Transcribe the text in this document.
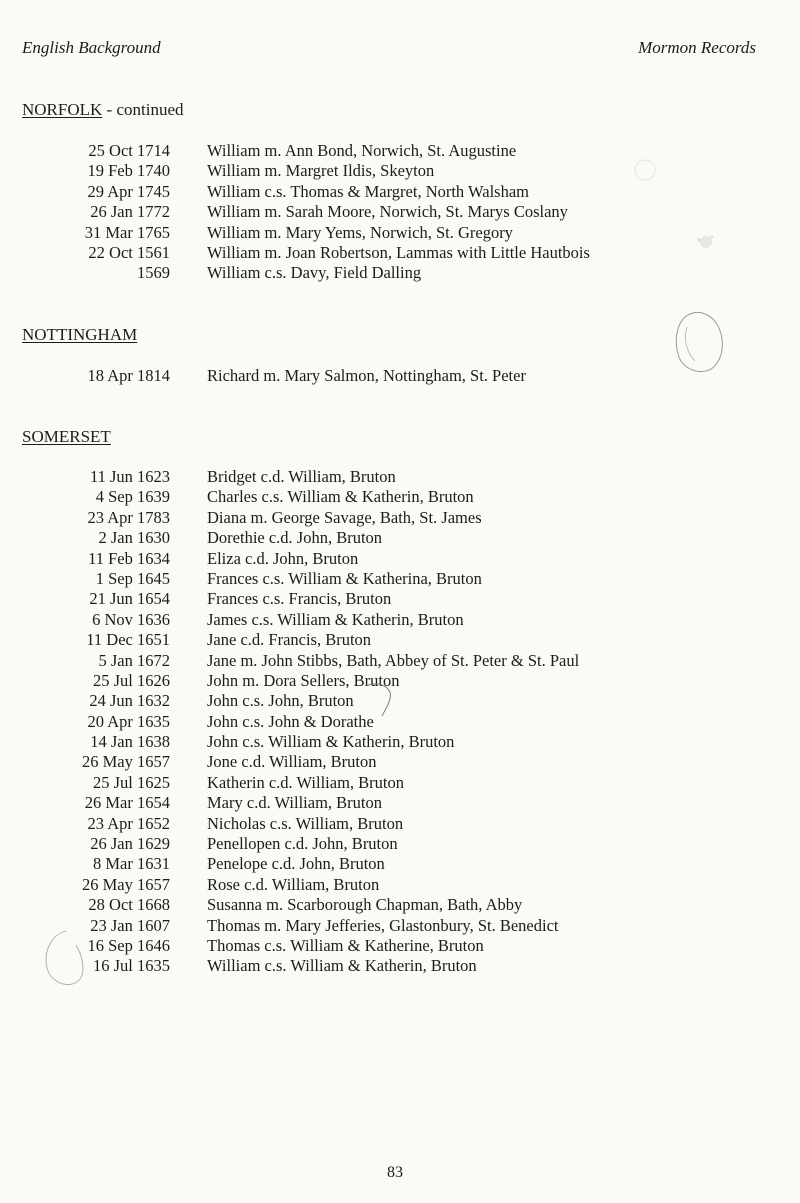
English Background	Mormon Records
NORFOLK - continued
25 Oct 1714 William m. Ann Bond, Norwich, St. Augustine
19 Feb 1740 William m. Margret Ildis, Skeyton
29 Apr 1745 William c.s. Thomas & Margret, North Walsham
26 Jan 1772 William m. Sarah Moore, Norwich, St. Marys Coslany
31 Mar 1765 William m. Mary Yems, Norwich, St. Gregory
22 Oct 1561 William m. Joan Robertson, Lammas with Little Hautbois
1569 William c.s. Davy, Field Dalling
NOTTINGHAM
18 Apr 1814 Richard m. Mary Salmon, Nottingham, St. Peter
SOMERSET
11 Jun 1623 Bridget c.d. William, Bruton
4 Sep 1639 Charles c.s. William & Katherin, Bruton
23 Apr 1783 Diana m. George Savage, Bath, St. James
2 Jan 1630 Dorethie c.d. John, Bruton
11 Feb 1634 Eliza c.d. John, Bruton
1 Sep 1645 Frances c.s. William & Katherina, Bruton
21 Jun 1654 Frances c.s. Francis, Bruton
6 Nov 1636 James c.s. William & Katherin, Bruton
11 Dec 1651 Jane c.d. Francis, Bruton
5 Jan 1672 Jane m. John Stibbs, Bath, Abbey of St. Peter & St. Paul
25 Jul 1626 John m. Dora Sellers, Bruton
24 Jun 1632 John c.s. John, Bruton
20 Apr 1635 John c.s. John & Dorathe
14 Jan 1638 John c.s. William & Katherin, Bruton
26 May 1657 Jone c.d. William, Bruton
25 Jul 1625 Katherin c.d. William, Bruton
26 Mar 1654 Mary c.d. William, Bruton
23 Apr 1652 Nicholas c.s. William, Bruton
26 Jan 1629 Penellopen c.d. John, Bruton
8 Mar 1631 Penelope c.d. John, Bruton
26 May 1657 Rose c.d. William, Bruton
28 Oct 1668 Susanna m. Scarborough Chapman, Bath, Abby
23 Jan 1607 Thomas m. Mary Jefferies, Glastonbury, St. Benedict
16 Sep 1646 Thomas c.s. William & Katherine, Bruton
16 Jul 1635 William c.s. William & Katherin, Bruton
83
